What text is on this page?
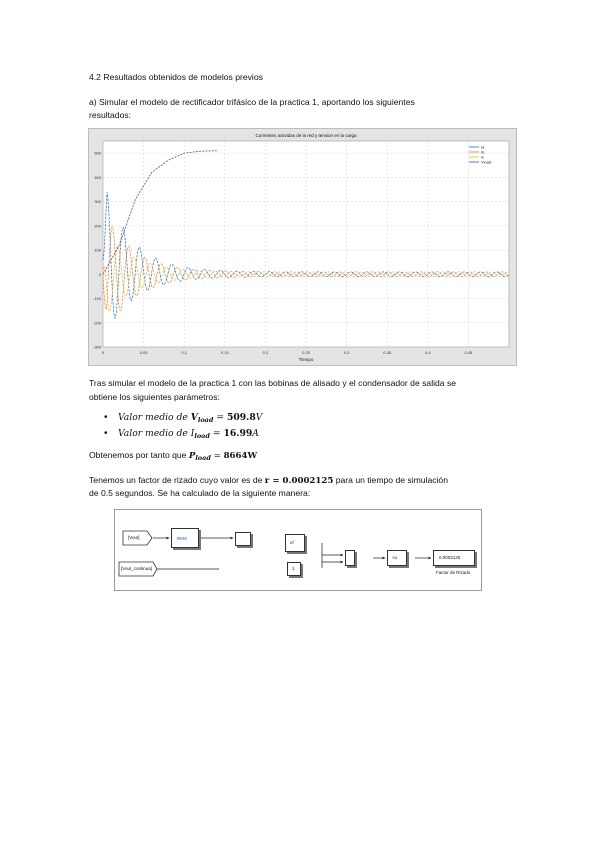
4.2 Resultados obtenidos de modelos previos
a) Simular el modelo de rectificador trifásico de la practica 1, aportando los siguientes
resultados:
0	0.05	0.1	0.15	0.2	0.25	0.3	0.35	0.4	0.45
-300
-200
-100
0
100
200
300
400
500
Corrientes actividas de la red y tension en la carga
Tiempo
Ia
Ib
Ic
Vload
Tras simular el modelo de la practica 1 con las bobinas de alisado y el condensador de salida se
obtiene los siguientes parámetros:
• Valor medio de $V_{load} = 509.8V$
• Valor medio de $I_{load} = 16.99A$
Obtenemos por tanto que $P_{load} = 8664W$
Tenemos un factor de rizado cuyo valor es de r = 0.0002125 para un tiempo de simulación
de 0.5 segundos. Se ha calculado de la siguiente manera:
[Vout]
[Vout_continua]
RMS
u²
1
√u	0.0002125
Factor de Rizado
